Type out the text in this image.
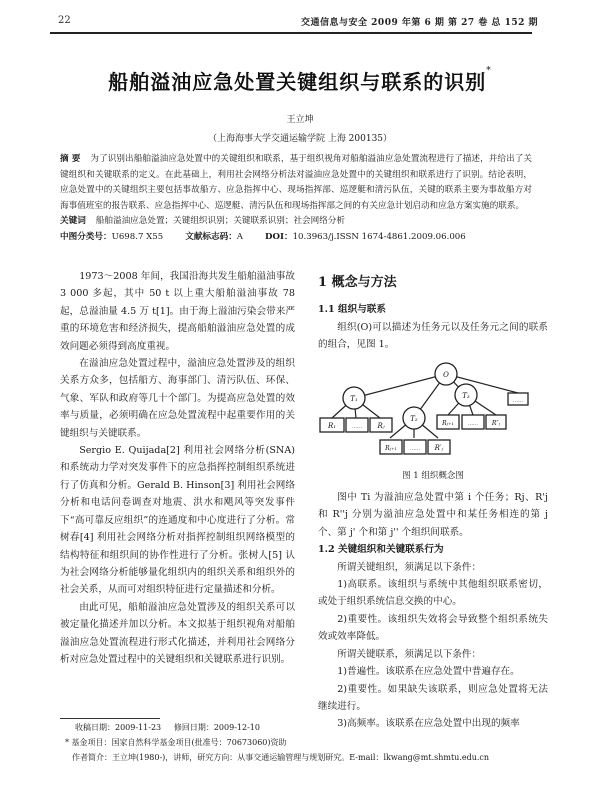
22	交通信息与安全 2009 年第 6 期 第 27 卷 总 152 期
船舶溢油应急处置关键组织与联系的识别*
王立坤
（上海海事大学交通运输学院 上海 200135）
摘 要 为了识别出船舶溢油应急处置中的关键组织和联系，基于组织视角对船舶溢油应急处置流程进行了描述，并给出了关键组织和关键联系的定义。在此基础上，利用社会网络分析法对溢油应急处置中的关键组织和联系进行了识别。结论表明，应急处置中的关键组织主要包括事故船方、应急指挥中心、现场指挥部、巡逻艇和清污队伍，关键的联系主要为事故船方对海事值班室的报告联系、应急指挥中心、巡逻艇、清污队伍和现场指挥部之间的有关应急计划启动和应急方案实施的联系。
关键词 船舶溢油应急处置；关键组织识别；关键联系识别；社会网络分析
中图分类号：U698.7 X55	文献标志码：A	DOI：10.3963/j.ISSN 1674-4861.2009.06.006

1973～2008 年间，我国沿海共发生船舶溢油事故 3 000 多起，其中 50 t 以上重大船舶溢油事故 78 起，总溢油量 4.5 万 t[1]。由于海上溢油污染会带来严重的环境危害和经济损失，提高船舶溢油应急处置的成效问题必须得到高度重视。

在溢油应急处置过程中，溢油应急处置涉及的组织关系方众多，包括船方、海事部门、清污队伍、环保、气象、军队和政府等几十个部门。为提高应急处置的效率与质量，必须明确在应急处置流程中起重要作用的关键组织与关键联系。

Sergio E. Quijada[2] 利用社会网络分析(SNA)和系统动力学对突发事件下的应急指挥控制组织系统进行了仿真和分析。Gerald B. Hinson[3] 利用社会网络分析和电话问卷调查对地震、洪水和飓风等突发事件下“高可靠反应组织”的连通度和中心度进行了分析。常树春[4] 利用社会网络分析对指挥控制组织网络模型的结构特征和组织间的协作性进行了分析。张树人[5] 认为社会网络分析能够量化组织内的组织关系和组织外的社会关系，从而可对组织特征进行定量描述和分析。

由此可见，船舶溢油应急处置涉及的组织关系可以被定量化描述并加以分析。本文拟基于组织视角对船舶溢油应急处置流程进行形式化描述，并利用社会网络分析对应急处置过程中的关键组织和关键联系进行识别。

1 概念与方法
1.1 组织与联系

组织(O)可以描述为任务元以及任务元之间的联系的组合，见图 1。

O
T₁
T₂
T₃
R₁	…… Rⱼ
Rⱼ₊₁	…… R′ⱼ
Rⱼ₊₁	…… R″ⱼ
……
图 1 组织概念图

图中 Ti 为溢油应急处置中第 i 个任务；Rj、R'j 和 R''j 分别为溢油应急处置中和某任务相连的第 j 个、第 j' 个和第 j'' 个组织间联系。

1.2 关键组织和关键联系行为

所谓关键组织，须满足以下条件：

1)高联系。该组织与系统中其他组织联系密切，或处于组织系统信息交换的中心。

2)重要性。该组织失效将会导致整个组织系统失效或效率降低。

所谓关键联系，须满足以下条件：

1)普遍性。该联系在应急处置中普遍存在。

2)重要性。如果缺失该联系，则应急处置将无法继续进行。

3)高频率。该联系在应急处置中出现的频率

收稿日期：2009-11-23 修回日期：2009-12-10
* 基金项目：国家自然科学基金项目(批准号：70673060)资助
作者简介：王立坤(1980-)，讲师，研究方向：从事交通运输管理与规划研究。E-mail：lkwang@mt.shmtu.edu.cn
